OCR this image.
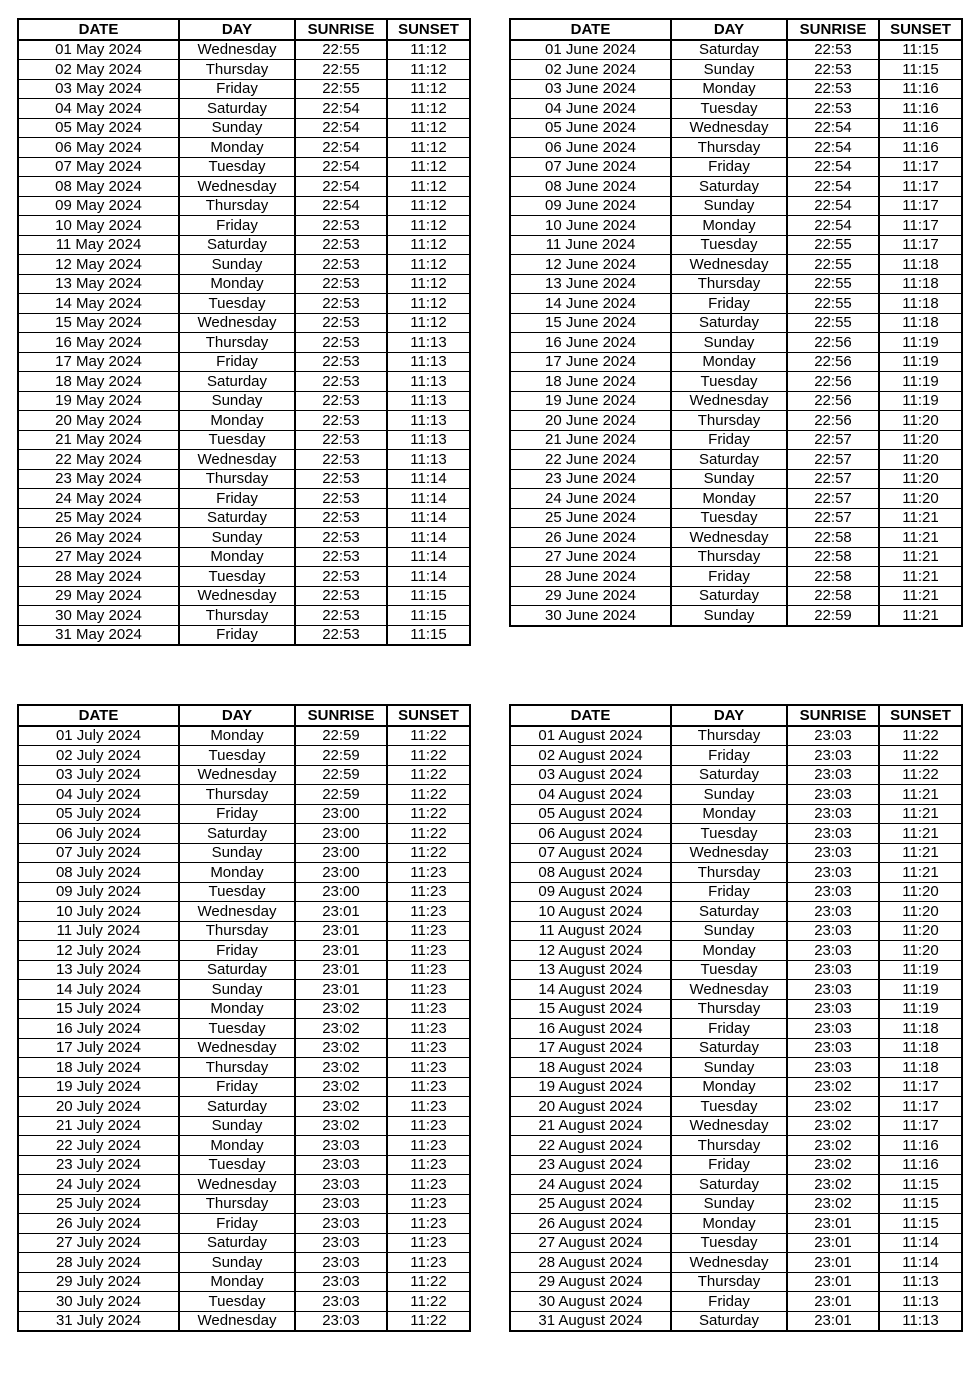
DATE	DAY	SUNRISE	SUNSET
01 May 2024	Wednesday	22:55	11:12
02 May 2024	Thursday	22:55	11:12
03 May 2024	Friday	22:55	11:12
04 May 2024	Saturday	22:54	11:12
05 May 2024	Sunday	22:54	11:12
06 May 2024	Monday	22:54	11:12
07 May 2024	Tuesday	22:54	11:12
08 May 2024	Wednesday	22:54	11:12
09 May 2024	Thursday	22:54	11:12
10 May 2024	Friday	22:53	11:12
11 May 2024	Saturday	22:53	11:12
12 May 2024	Sunday	22:53	11:12
13 May 2024	Monday	22:53	11:12
14 May 2024	Tuesday	22:53	11:12
15 May 2024	Wednesday	22:53	11:12
16 May 2024	Thursday	22:53	11:13
17 May 2024	Friday	22:53	11:13
18 May 2024	Saturday	22:53	11:13
19 May 2024	Sunday	22:53	11:13
20 May 2024	Monday	22:53	11:13
21 May 2024	Tuesday	22:53	11:13
22 May 2024	Wednesday	22:53	11:13
23 May 2024	Thursday	22:53	11:14
24 May 2024	Friday	22:53	11:14
25 May 2024	Saturday	22:53	11:14
26 May 2024	Sunday	22:53	11:14
27 May 2024	Monday	22:53	11:14
28 May 2024	Tuesday	22:53	11:14
29 May 2024	Wednesday	22:53	11:15
30 May 2024	Thursday	22:53	11:15
31 May 2024	Friday	22:53	11:15
DATE	DAY	SUNRISE	SUNSET
01 June 2024	Saturday	22:53	11:15
02 June 2024	Sunday	22:53	11:15
03 June 2024	Monday	22:53	11:16
04 June 2024	Tuesday	22:53	11:16
05 June 2024	Wednesday	22:54	11:16
06 June 2024	Thursday	22:54	11:16
07 June 2024	Friday	22:54	11:17
08 June 2024	Saturday	22:54	11:17
09 June 2024	Sunday	22:54	11:17
10 June 2024	Monday	22:54	11:17
11 June 2024	Tuesday	22:55	11:17
12 June 2024	Wednesday	22:55	11:18
13 June 2024	Thursday	22:55	11:18
14 June 2024	Friday	22:55	11:18
15 June 2024	Saturday	22:55	11:18
16 June 2024	Sunday	22:56	11:19
17 June 2024	Monday	22:56	11:19
18 June 2024	Tuesday	22:56	11:19
19 June 2024	Wednesday	22:56	11:19
20 June 2024	Thursday	22:56	11:20
21 June 2024	Friday	22:57	11:20
22 June 2024	Saturday	22:57	11:20
23 June 2024	Sunday	22:57	11:20
24 June 2024	Monday	22:57	11:20
25 June 2024	Tuesday	22:57	11:21
26 June 2024	Wednesday	22:58	11:21
27 June 2024	Thursday	22:58	11:21
28 June 2024	Friday	22:58	11:21
29 June 2024	Saturday	22:58	11:21
30 June 2024	Sunday	22:59	11:21
DATE	DAY	SUNRISE	SUNSET
01 July 2024	Monday	22:59	11:22
02 July 2024	Tuesday	22:59	11:22
03 July 2024	Wednesday	22:59	11:22
04 July 2024	Thursday	22:59	11:22
05 July 2024	Friday	23:00	11:22
06 July 2024	Saturday	23:00	11:22
07 July 2024	Sunday	23:00	11:22
08 July 2024	Monday	23:00	11:23
09 July 2024	Tuesday	23:00	11:23
10 July 2024	Wednesday	23:01	11:23
11 July 2024	Thursday	23:01	11:23
12 July 2024	Friday	23:01	11:23
13 July 2024	Saturday	23:01	11:23
14 July 2024	Sunday	23:01	11:23
15 July 2024	Monday	23:02	11:23
16 July 2024	Tuesday	23:02	11:23
17 July 2024	Wednesday	23:02	11:23
18 July 2024	Thursday	23:02	11:23
19 July 2024	Friday	23:02	11:23
20 July 2024	Saturday	23:02	11:23
21 July 2024	Sunday	23:02	11:23
22 July 2024	Monday	23:03	11:23
23 July 2024	Tuesday	23:03	11:23
24 July 2024	Wednesday	23:03	11:23
25 July 2024	Thursday	23:03	11:23
26 July 2024	Friday	23:03	11:23
27 July 2024	Saturday	23:03	11:23
28 July 2024	Sunday	23:03	11:23
29 July 2024	Monday	23:03	11:22
30 July 2024	Tuesday	23:03	11:22
31 July 2024	Wednesday	23:03	11:22
DATE	DAY	SUNRISE	SUNSET
01 August 2024	Thursday	23:03	11:22
02 August 2024	Friday	23:03	11:22
03 August 2024	Saturday	23:03	11:22
04 August 2024	Sunday	23:03	11:21
05 August 2024	Monday	23:03	11:21
06 August 2024	Tuesday	23:03	11:21
07 August 2024	Wednesday	23:03	11:21
08 August 2024	Thursday	23:03	11:21
09 August 2024	Friday	23:03	11:20
10 August 2024	Saturday	23:03	11:20
11 August 2024	Sunday	23:03	11:20
12 August 2024	Monday	23:03	11:20
13 August 2024	Tuesday	23:03	11:19
14 August 2024	Wednesday	23:03	11:19
15 August 2024	Thursday	23:03	11:19
16 August 2024	Friday	23:03	11:18
17 August 2024	Saturday	23:03	11:18
18 August 2024	Sunday	23:03	11:18
19 August 2024	Monday	23:02	11:17
20 August 2024	Tuesday	23:02	11:17
21 August 2024	Wednesday	23:02	11:17
22 August 2024	Thursday	23:02	11:16
23 August 2024	Friday	23:02	11:16
24 August 2024	Saturday	23:02	11:15
25 August 2024	Sunday	23:02	11:15
26 August 2024	Monday	23:01	11:15
27 August 2024	Tuesday	23:01	11:14
28 August 2024	Wednesday	23:01	11:14
29 August 2024	Thursday	23:01	11:13
30 August 2024	Friday	23:01	11:13
31 August 2024	Saturday	23:01	11:13
